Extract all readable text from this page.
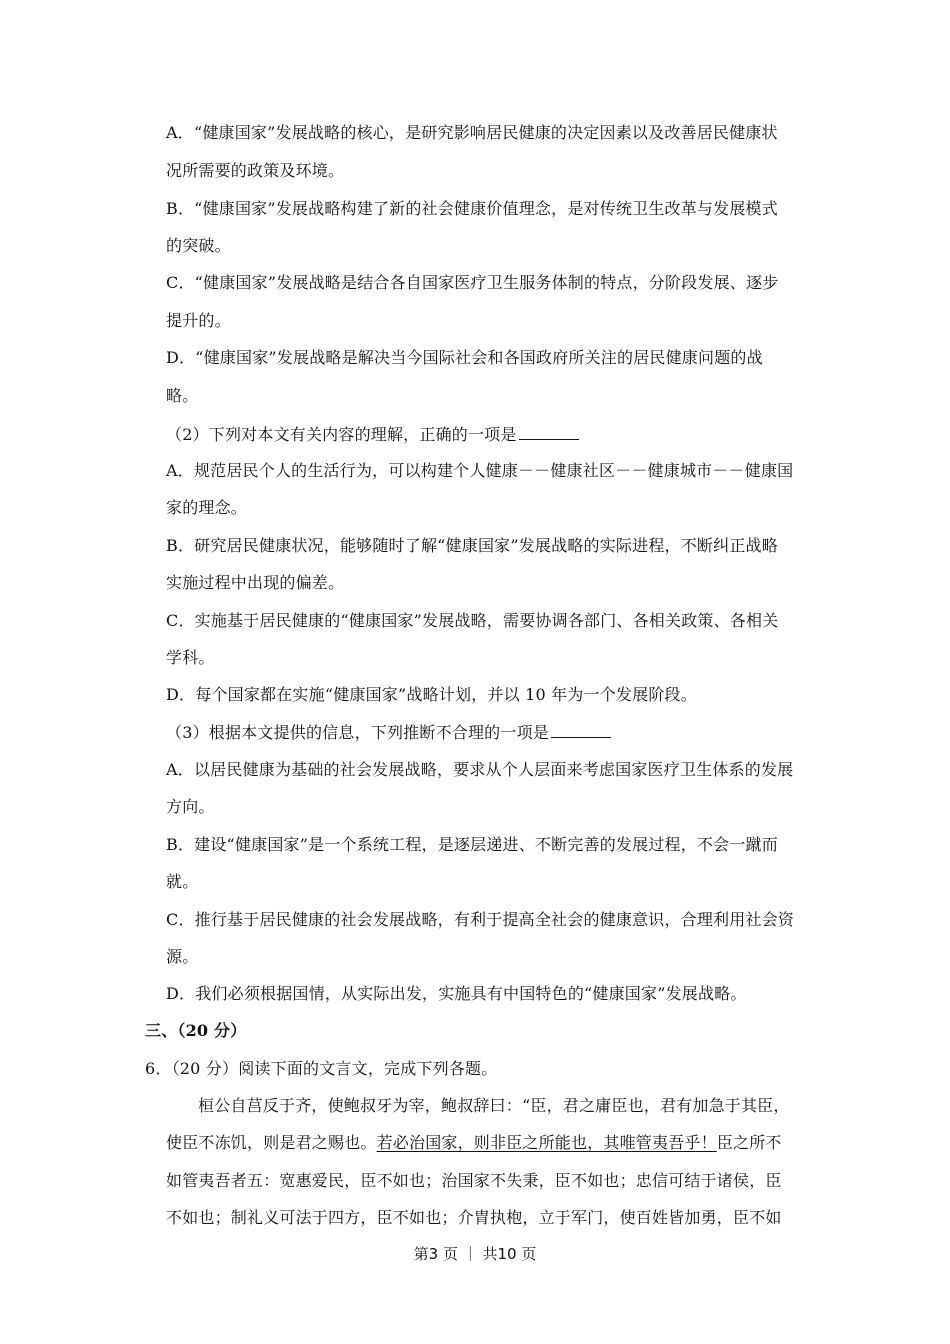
A．“健康国家”发展战略的核心，是研究影响居民健康的决定因素以及改善居民健康状
况所需要的政策及环境。
B．“健康国家”发展战略构建了新的社会健康价值理念，是对传统卫生改革与发展模式
的突破。
C．“健康国家”发展战略是结合各自国家医疗卫生服务体制的特点，分阶段发展、逐步
提升的。
D．“健康国家”发展战略是解决当今国际社会和各国政府所关注的居民健康问题的战
略。
（2）下列对本文有关内容的理解，正确的一项是
A．规范居民个人的生活行为，可以构建个人健康－－健康社区－－健康城市－－健康国
家的理念。
B．研究居民健康状况，能够随时了解“健康国家”发展战略的实际进程，不断纠正战略
实施过程中出现的偏差。
C．实施基于居民健康的“健康国家”发展战略，需要协调各部门、各相关政策、各相关
学科。
D．每个国家都在实施“健康国家”战略计划，并以 10 年为一个发展阶段。
（3）根据本文提供的信息，下列推断不合理的一项是
A．以居民健康为基础的社会发展战略，要求从个人层面来考虑国家医疗卫生体系的发展
方向。
B．建设“健康国家”是一个系统工程，是逐层递进、不断完善的发展过程，不会一蹴而
就。
C．推行基于居民健康的社会发展战略，有利于提高全社会的健康意识，合理利用社会资
源。
D．我们必须根据国情，从实际出发，实施具有中国特色的“健康国家”发展战略。
三、（20 分）
6．（20 分）阅读下面的文言文，完成下列各题。
桓公自莒反于齐，使鲍叔牙为宰，鲍叔辞曰：“臣，君之庸臣也，君有加急于其臣，
使臣不冻饥，则是君之赐也。若必治国家，则非臣之所能也，其唯管夷吾乎！臣之所不
如管夷吾者五：宽惠爱民，臣不如也；治国家不失秉，臣不如也；忠信可结于诸侯，臣
不如也；制礼义可法于四方，臣不如也；介胄执枹，立于军门，使百姓皆加勇，臣不如
第3 页 ｜ 共10 页
